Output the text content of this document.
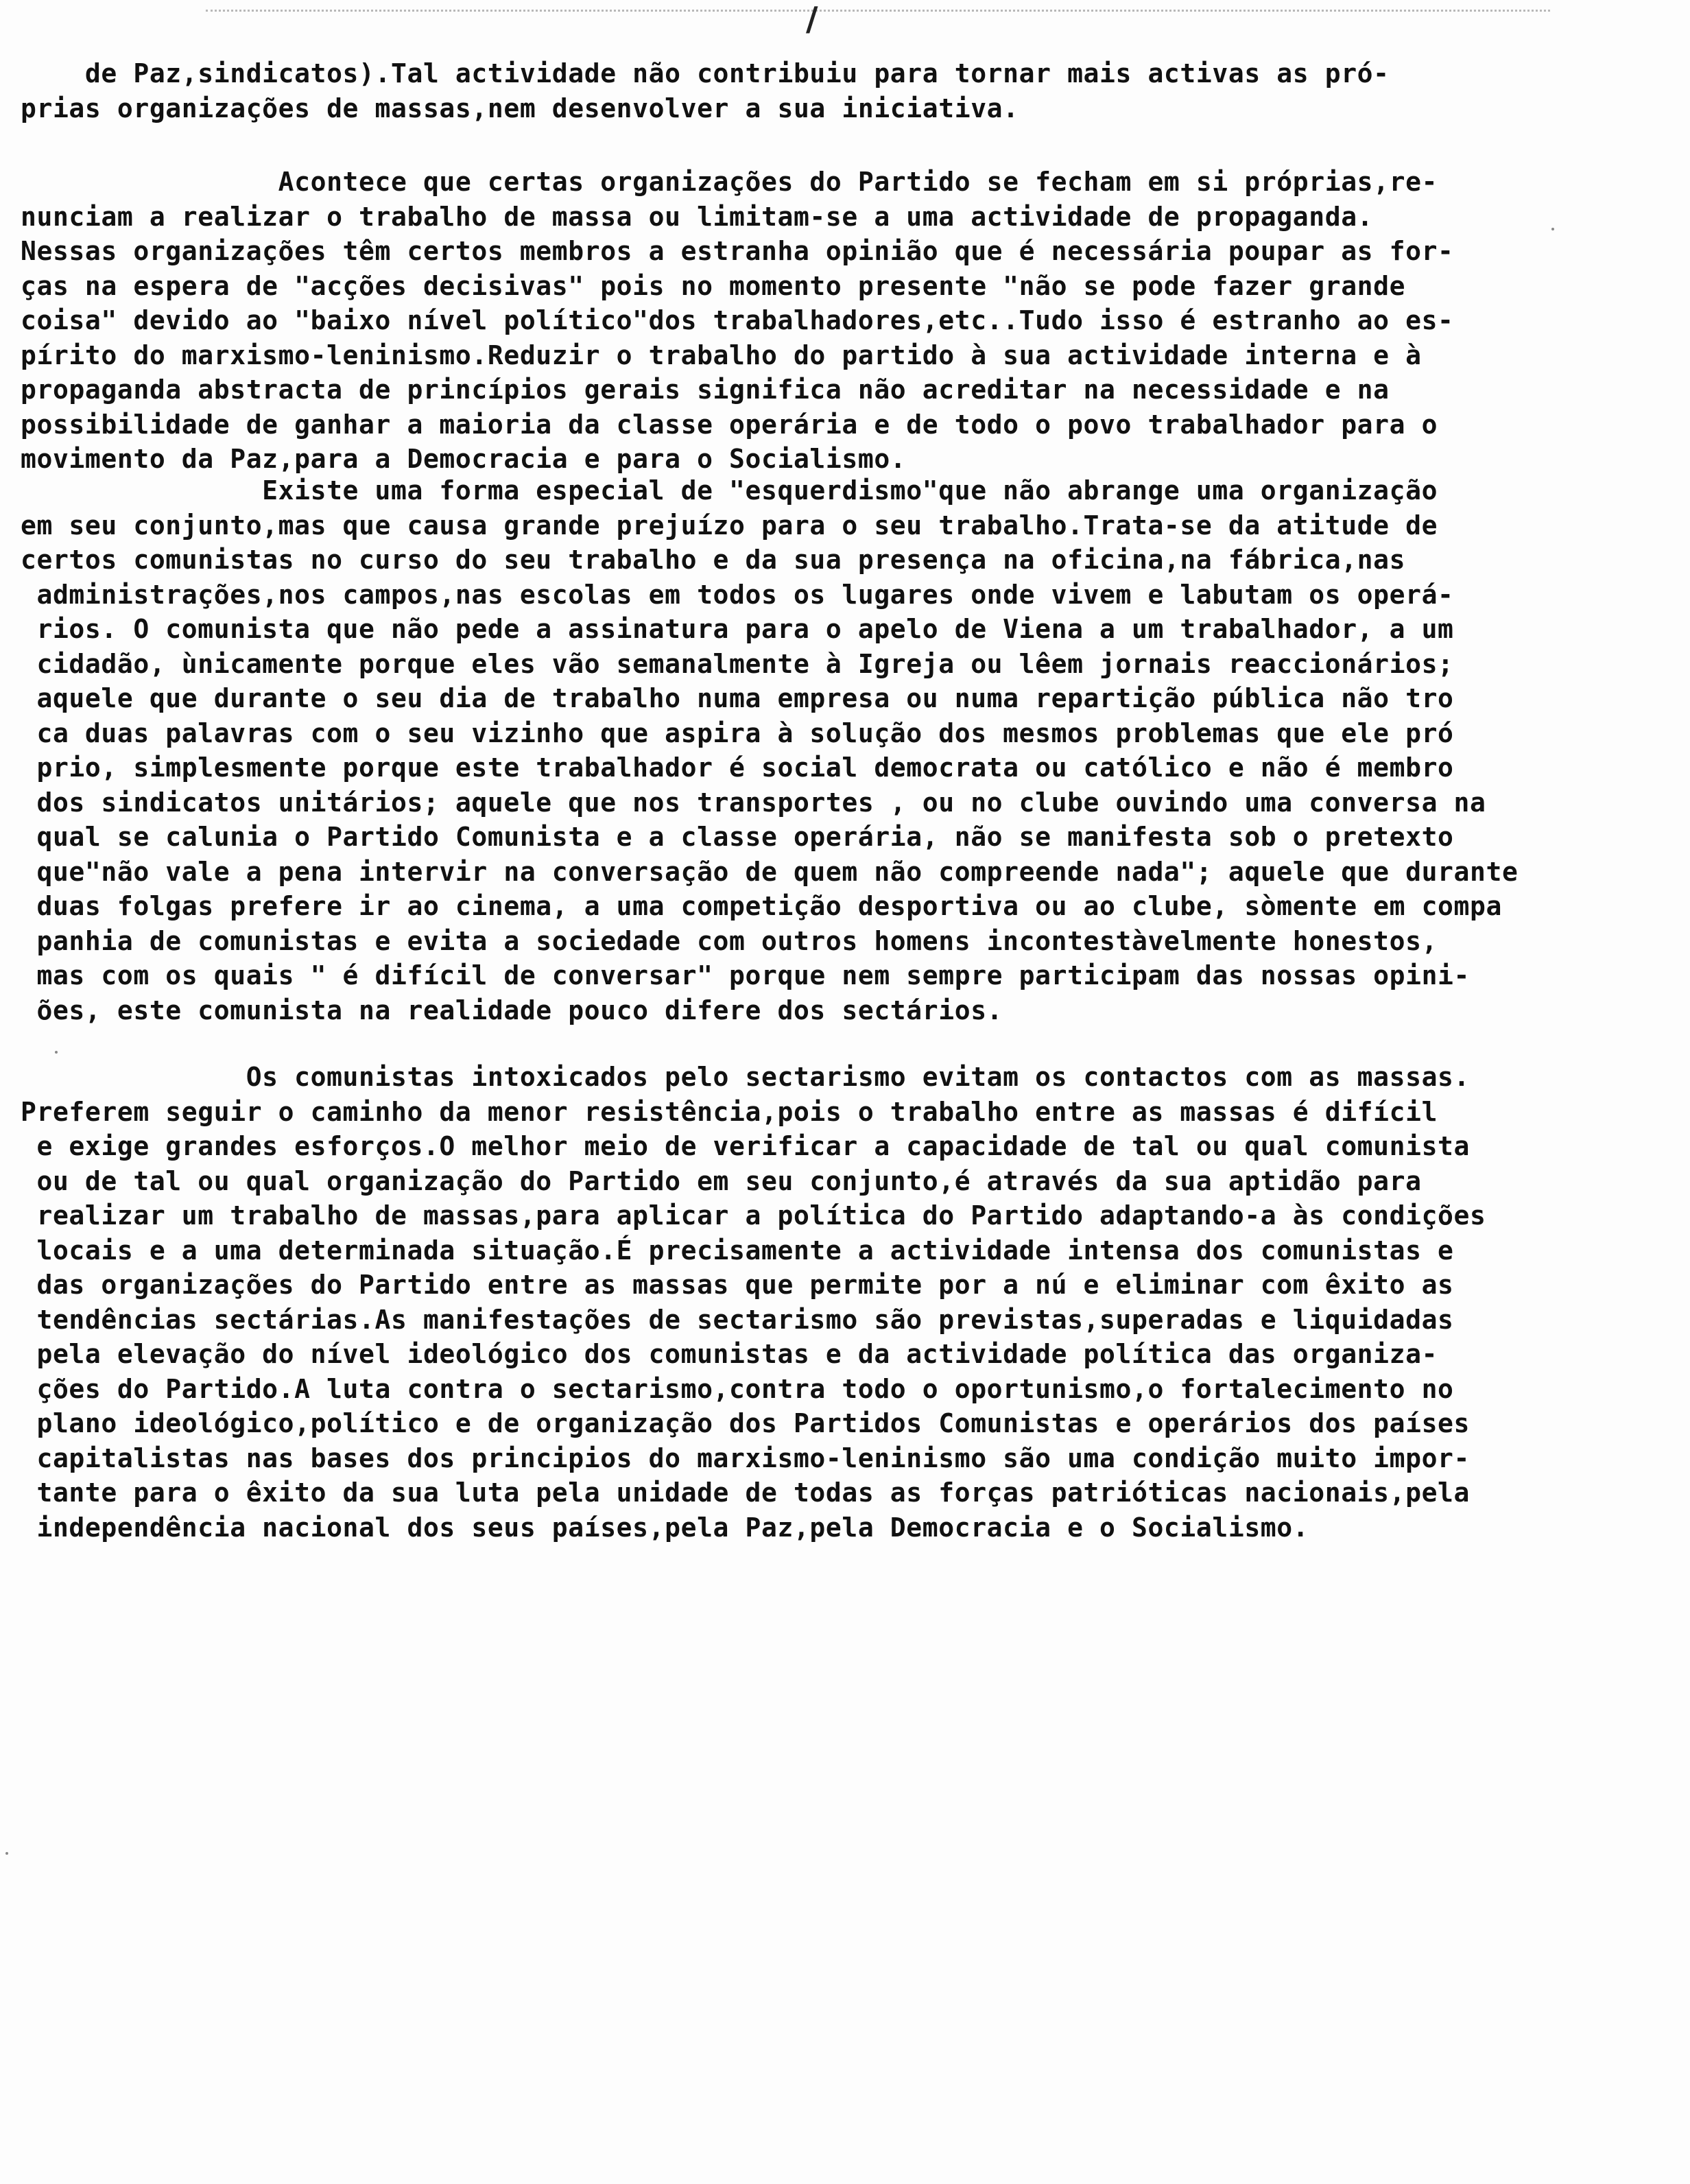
/
de Paz,sindicatos).Tal actividade não contribuiu para tornar mais activas as pró-
prias organizações de massas,nem desenvolver a sua iniciativa.
Acontece que certas organizações do Partido se fecham em si próprias,re-
nunciam a realizar o trabalho de massa ou limitam-se a uma actividade de propaganda.
Nessas organizações têm certos membros a estranha opinião que é necessária poupar as for-
ças na espera de "acções decisivas" pois no momento presente "não se pode fazer grande
coisa" devido ao "baixo nível político"dos trabalhadores,etc..Tudo isso é estranho ao es-
pírito do marxismo-leninismo.Reduzir o trabalho do partido à sua actividade interna e à
propaganda abstracta de princípios gerais significa não acreditar na necessidade e na
possibilidade de ganhar a maioria da classe operária e de todo o povo trabalhador para o
movimento da Paz,para a Democracia e para o Socialismo.
Existe uma forma especial de "esquerdismo"que não abrange uma organização
em seu conjunto,mas que causa grande prejuízo para o seu trabalho.Trata-se da atitude de
certos comunistas no curso do seu trabalho e da sua presença na oficina,na fábrica,nas
administrações,nos campos,nas escolas em todos os lugares onde vivem e labutam os operá-
rios. O comunista que não pede a assinatura para o apelo de Viena a um trabalhador, a um
cidadão, ùnicamente porque eles vão semanalmente à Igreja ou lêem jornais reaccionários;
aquele que durante o seu dia de trabalho numa empresa ou numa repartição pública não tro
ca duas palavras com o seu vizinho que aspira à solução dos mesmos problemas que ele pró
prio, simplesmente porque este trabalhador é social democrata ou católico e não é membro
dos sindicatos unitários; aquele que nos transportes , ou no clube ouvindo uma conversa na
qual se calunia o Partido Comunista e a classe operária, não se manifesta sob o pretexto
que"não vale a pena intervir na conversação de quem não compreende nada"; aquele que durante
duas folgas prefere ir ao cinema, a uma competição desportiva ou ao clube, sòmente em compa
panhia de comunistas e evita a sociedade com outros homens incontestàvelmente honestos,
mas com os quais " é difícil de conversar" porque nem sempre participam das nossas opini-
ões, este comunista na realidade pouco difere dos sectários.
Os comunistas intoxicados pelo sectarismo evitam os contactos com as massas.
Preferem seguir o caminho da menor resistência,pois o trabalho entre as massas é difícil
e exige grandes esforços.O melhor meio de verificar a capacidade de tal ou qual comunista
ou de tal ou qual organização do Partido em seu conjunto,é através da sua aptidão para
realizar um trabalho de massas,para aplicar a política do Partido adaptando-a às condições
locais e a uma determinada situação.É precisamente a actividade intensa dos comunistas e
das organizações do Partido entre as massas que permite por a nú e eliminar com êxito as
tendências sectárias.As manifestações de sectarismo são previstas,superadas e liquidadas
pela elevação do nível ideológico dos comunistas e da actividade política das organiza-
ções do Partido.A luta contra o sectarismo,contra todo o oportunismo,o fortalecimento no
plano ideológico,político e de organização dos Partidos Comunistas e operários dos países
capitalistas nas bases dos principios do marxismo-leninismo são uma condição muito impor-
tante para o êxito da sua luta pela unidade de todas as forças patrióticas nacionais,pela
independência nacional dos seus países,pela Paz,pela Democracia e o Socialismo.
